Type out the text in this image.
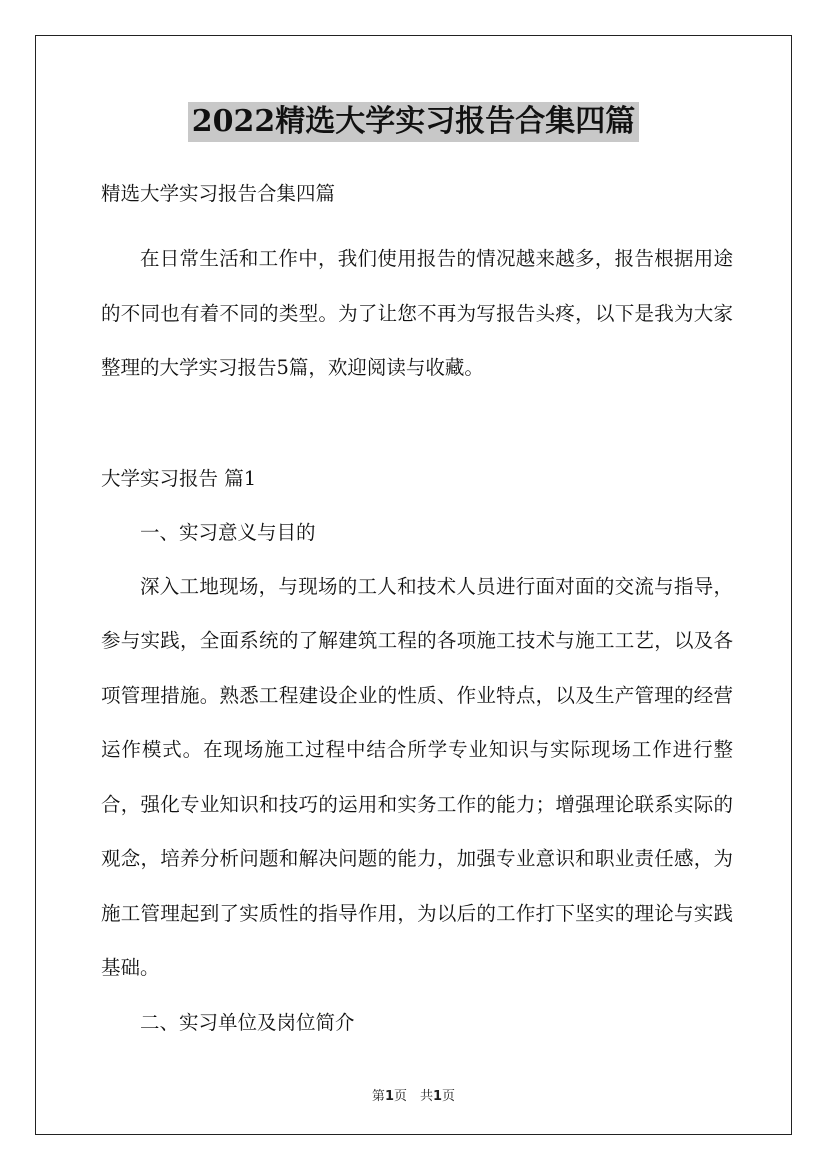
2022精选大学实习报告合集四篇

精选大学实习报告合集四篇

在日常生活和工作中，我们使用报告的情况越来越多，报告根据用途的不同也有着不同的类型。为了让您不再为写报告头疼，以下是我为大家整理的大学实习报告5篇，欢迎阅读与收藏。

大学实习报告 篇1

一、实习意义与目的

深入工地现场，与现场的工人和技术人员进行面对面的交流与指导，参与实践，全面系统的了解建筑工程的各项施工技术与施工工艺，以及各项管理措施。熟悉工程建设企业的性质、作业特点，以及生产管理的经营运作模式。在现场施工过程中结合所学专业知识与实际现场工作进行整合，强化专业知识和技巧的运用和实务工作的能力；增强理论联系实际的观念，培养分析问题和解决问题的能力，加强专业意识和职业责任感，为施工管理起到了实质性的指导作用，为以后的工作打下坚实的理论与实践基础。

二、实习单位及岗位简介

第1页　共1页
